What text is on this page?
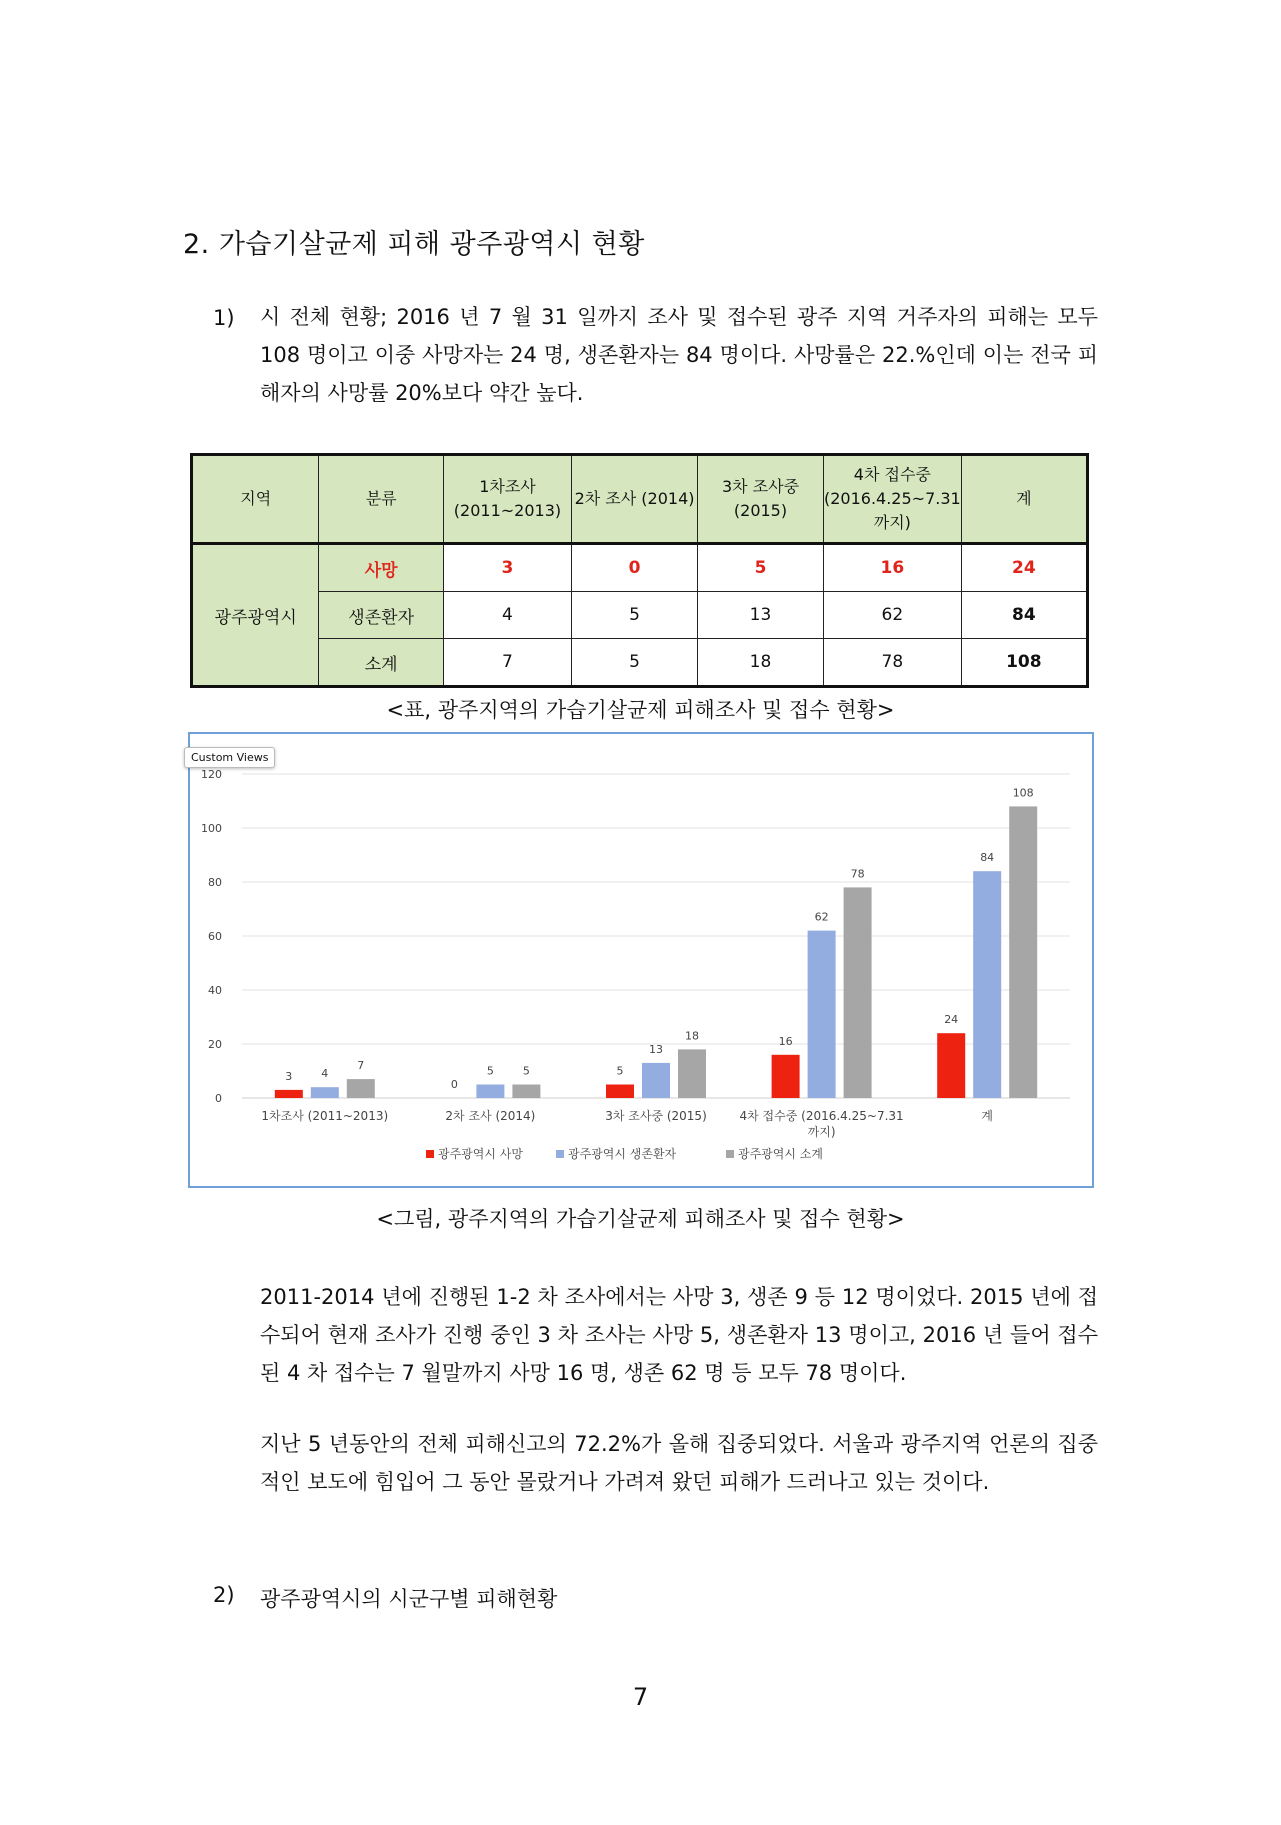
2. 가습기살균제 피해 광주광역시 현황
1) 시 전체 현황; 2016 년 7 월 31 일까지 조사 및 접수된 광주 지역 거주자의 피해는 모두 108 명이고 이중 사망자는 24 명, 생존환자는 84 명이다. 사망률은 22.%인데 이는 전국 피해자의 사망률 20%보다 약간 높다.
지역	분류	1차조사 (2011~2013)	2차 조사 (2014)	3차 조사중 (2015)	4차 접수중 (2016.4.25~7.31 까지)	계
광주광역시	사망	3	0	5	16	24
	생존환자	4	5	13	62	84
	소계	7	5	18	78	108
<표, 광주지역의 가습기살균제 피해조사 및 접수 현황>
0
20
40
60
80
100
120
3	4
7
1차조사 (2011~2013)
0
5	5
2차 조사 (2014)
5
13
18
3차 조사중 (2015)
16
62
78
4차 접수중 (2016.4.25~7.31
까지)
24
84
108
계
광주광역시 사망	광주광역시 생존환자	광주광역시 소계
Custom Views
<그림, 광주지역의 가습기살균제 피해조사 및 접수 현황>
2011-2014 년에 진행된 1-2 차 조사에서는 사망 3, 생존 9 등 12 명이었다. 2015 년에 접수되어 현재 조사가 진행 중인 3 차 조사는 사망 5, 생존환자 13 명이고, 2016 년 들어 접수된 4 차 접수는 7 월말까지 사망 16 명, 생존 62 명 등 모두 78 명이다.
지난 5 년동안의 전체 피해신고의 72.2%가 올해 집중되었다. 서울과 광주지역 언론의 집중적인 보도에 힘입어 그 동안 몰랐거나 가려져 왔던 피해가 드러나고 있는 것이다.
2) 광주광역시의 시군구별 피해현황
7
